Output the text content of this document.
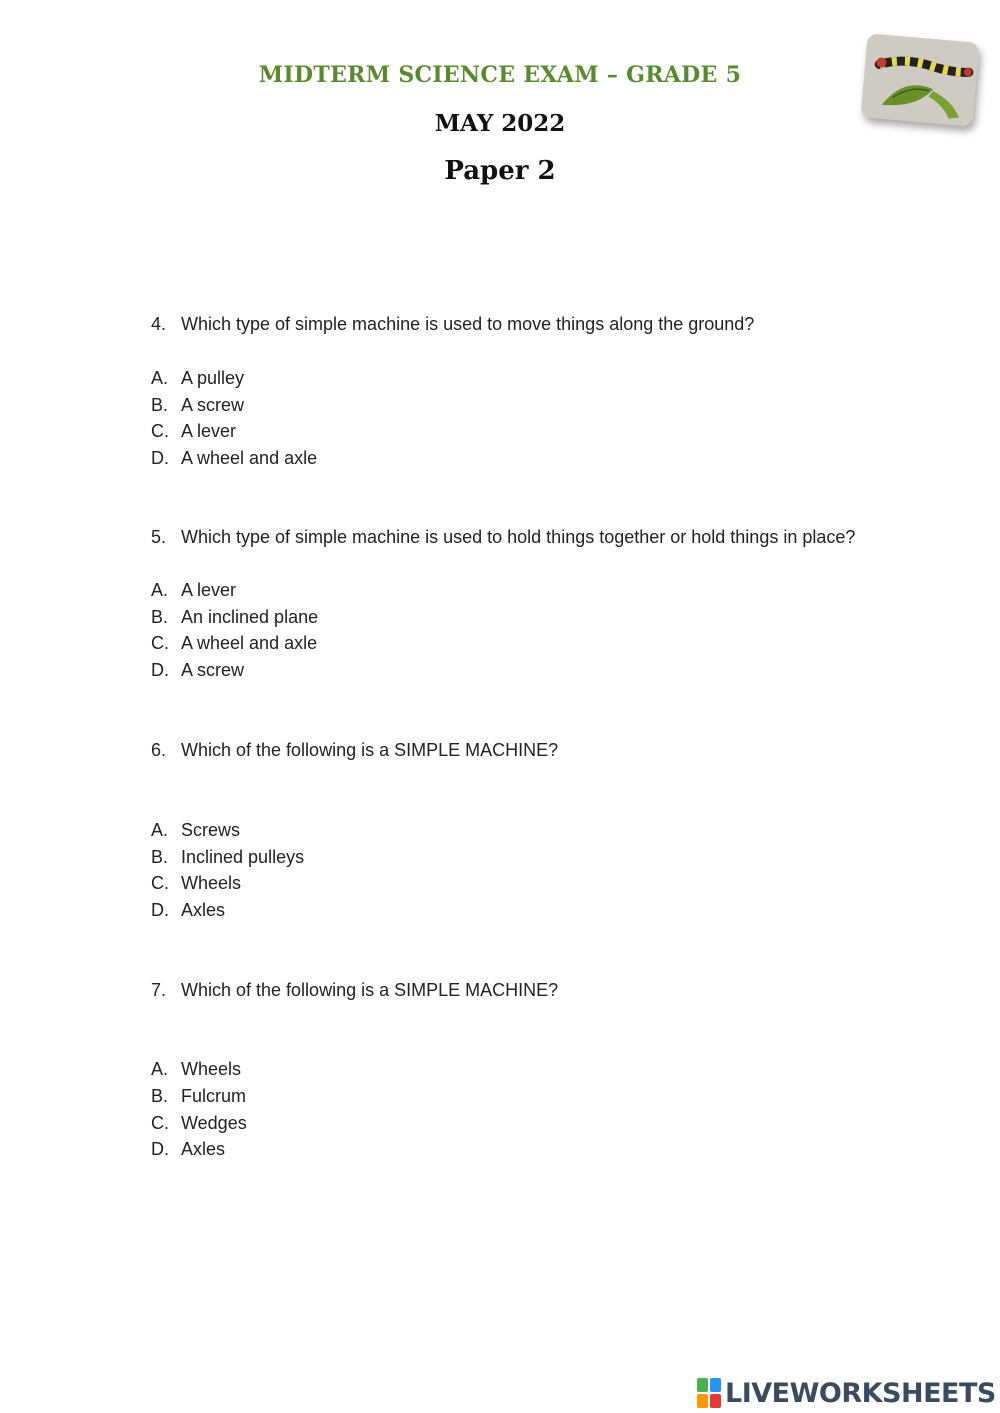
MIDTERM SCIENCE EXAM – GRADE 5
MAY 2022
Paper 2
4. Which type of simple machine is used to move things along the ground?
A. A pulley
B. A screw
C. A lever
D. A wheel and axle
5. Which type of simple machine is used to hold things together or hold things in place?
A. A lever
B. An inclined plane
C. A wheel and axle
D. A screw
6. Which of the following is a SIMPLE MACHINE?
A. Screws
B. Inclined pulleys
C. Wheels
D. Axles
7. Which of the following is a SIMPLE MACHINE?
A. Wheels
B. Fulcrum
C. Wedges
D. Axles
LIVEWORKSHEETS
